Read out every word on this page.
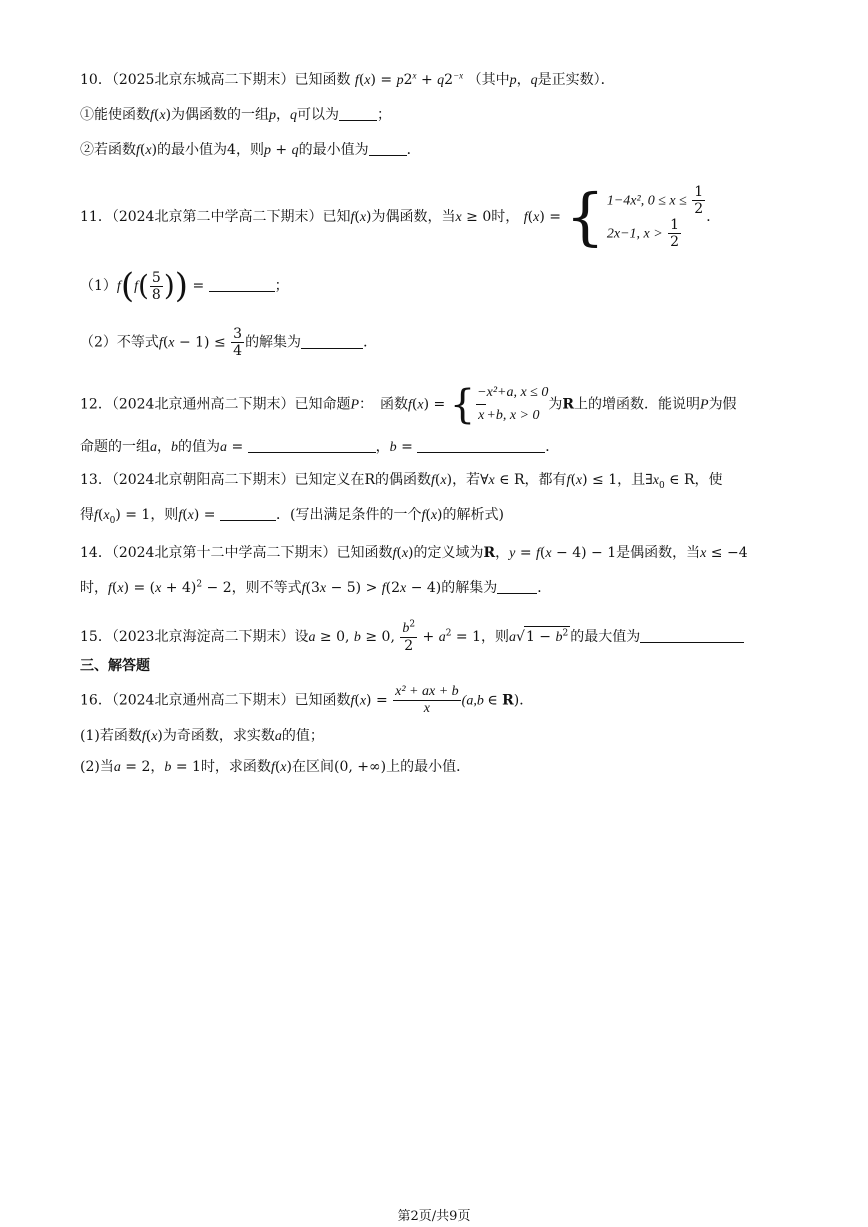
10．（2025北京东城高二下期末）已知函数 $f(x) = p2^x + q2^{-x}$ （其中p，q是正实数）．
①能使函数f(x)为偶函数的一组p，q可以为	；
②若函数f(x)的最小值为4，则p + q的最小值为	．
11．（2024北京第二中学高二下期末）已知f(x)为偶函数，当x ≥ 0时， f(x) = { 1−4x², $0 \le x \le \frac{1}{2}$
2x−1, $x > \frac{1}{2}$ ．
$(1)f(f( \frac{5}{8}$ )) =	；
（2）不等式$f(x - 1) \le \frac{3}{4}$ 的解集为	．
12．（2024北京通州高二下期末）已知命题P：　函数f(x) = { −x²+a, x ≤ 0
x +b, x > 0
为R上的增函数．能说明P为假
命题的一组a，b的值为a =	，b =	．
13．（2024北京朝阳高二下期末）已知定义在R的偶函数f(x)，若∀x ∈ R，都有f(x) ≤ 1，且$\exists x_0$ ∈ R，使
得$f(x_0) = 1$，则f(x) =	．(写出满足条件的一个f(x)的解析式)
14．（2024北京第十二中学高二下期末）已知函数f(x)的定义域为R，y = f(x − 4) − 1是偶函数，当x ≤ −4
时，$f(x) = (x + 4)^2 - 2$，则不等式f(3x − 5) > f(2x − 4)的解集为	．
15．（2023北京海淀高二下期末）设a ≥ 0, b ≥ 0, $\frac{b^2}{2} + a^2 = 1$，则$a√1 - b^2$ 的最大值为
三、解答题
16．（2024北京通州高二下期末）已知函数$f(x) = \frac{\text{x² + ax + b}}{x} (a,b$ ∈ R)．
(1)若函数f(x)为奇函数，求实数a的值；
(2)当a = 2，b = 1时，求函数f(x)在区间(0, +∞)上的最小值．
第2页/共9页
